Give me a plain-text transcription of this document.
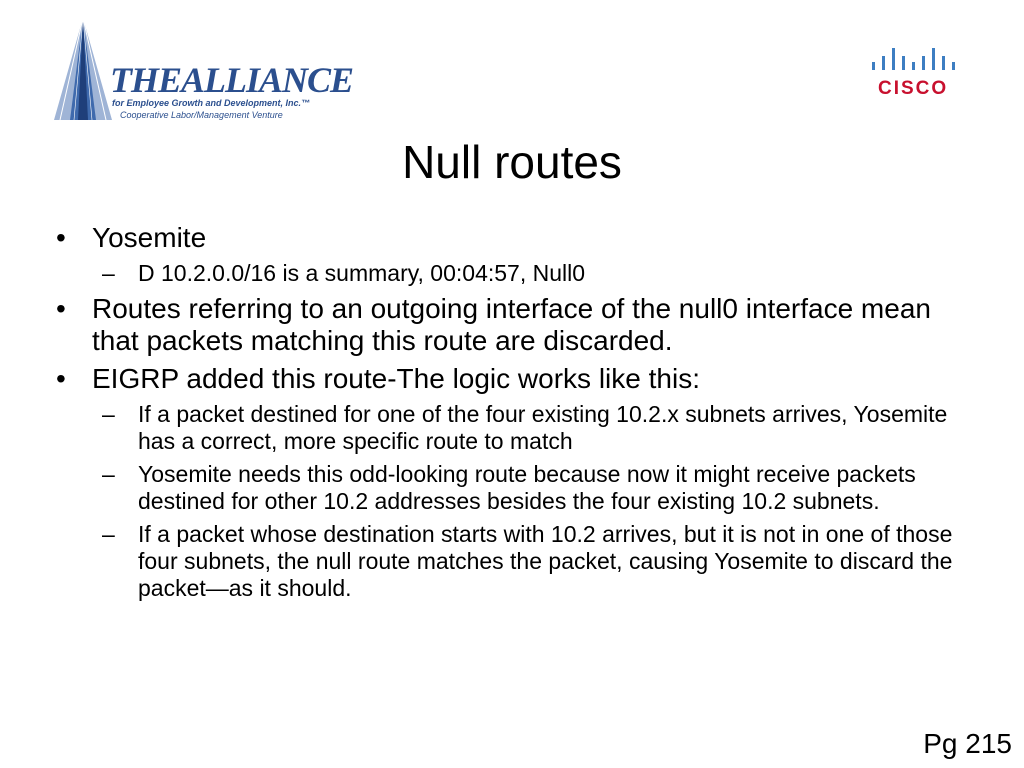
THEALLIANCE
for Employee Growth and Development, Inc.™
Cooperative Labor/Management Venture
CISCO
Null routes
• Yosemite
– D 10.2.0.0/16 is a summary, 00:04:57, Null0
• Routes referring to an outgoing interface of the null0 interface mean that packets matching this route are discarded.
• EIGRP added this route-The logic works like this:
– If a packet destined for one of the four existing 10.2.x subnets arrives, Yosemite has a correct, more specific route to match
– Yosemite needs this odd-looking route because now it might receive packets destined for other 10.2 addresses besides the four existing 10.2 subnets.
– If a packet whose destination starts with 10.2 arrives, but it is not in one of those four subnets, the null route matches the packet, causing Yosemite to discard the packet—as it should.
Pg 215
